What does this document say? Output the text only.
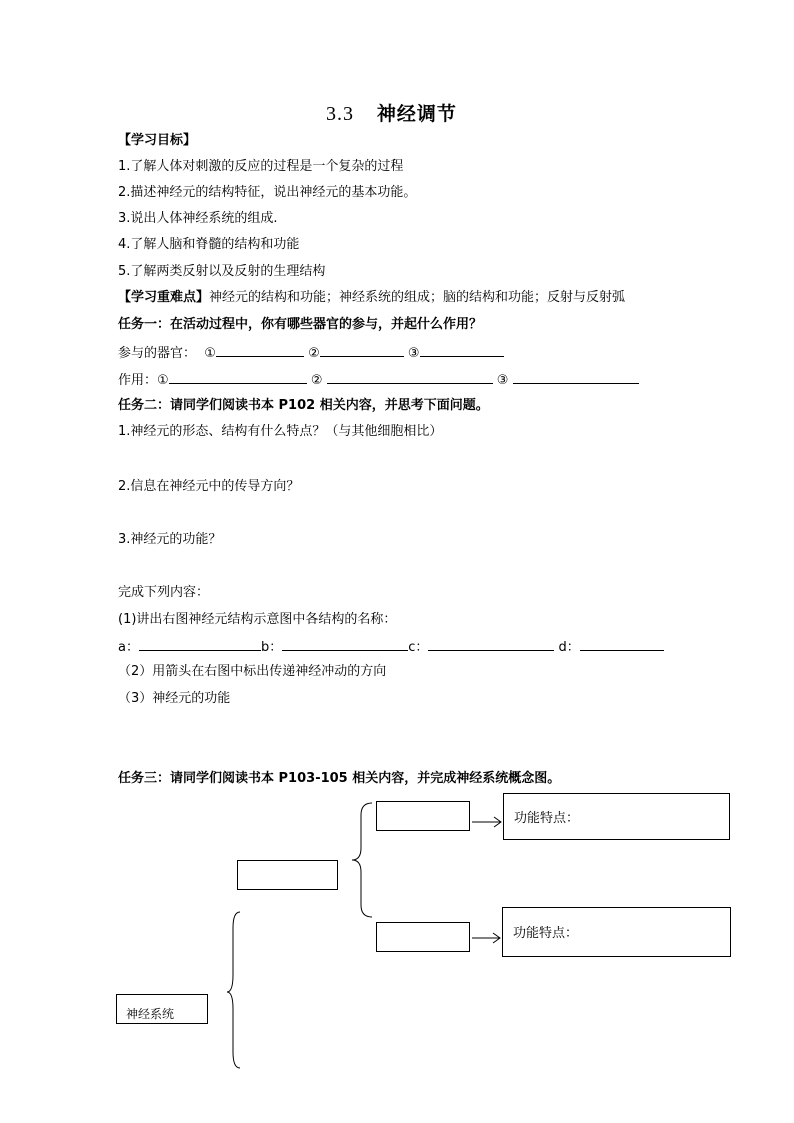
3.3 神经调节
【学习目标】
1.了解人体对刺激的反应的过程是一个复杂的过程
2.描述神经元的结构特征，说出神经元的基本功能。
3.说出人体神经系统的组成.
4.了解人脑和脊髓的结构和功能
5.了解两类反射以及反射的生理结构
【学习重难点】神经元的结构和功能；神经系统的组成；脑的结构和功能；反射与反射弧
任务一：在活动过程中，你有哪些器官的参与，并起什么作用？
参与的器官： ①	②	③
作用：①	②	③
任务二：请同学们阅读书本 P102 相关内容，并思考下面问题。
1.神经元的形态、结构有什么特点？（与其他细胞相比）
2.信息在神经元中的传导方向？
3.神经元的功能？
完成下列内容：
(1)讲出右图神经元结构示意图中各结构的名称：
a：	b：	c：	d：
（2）用箭头在右图中标出传递神经冲动的方向
（3）神经元的功能
任务三：请同学们阅读书本 P103-105 相关内容，并完成神经系统概念图。
功能特点：
功能特点：
神经系统
